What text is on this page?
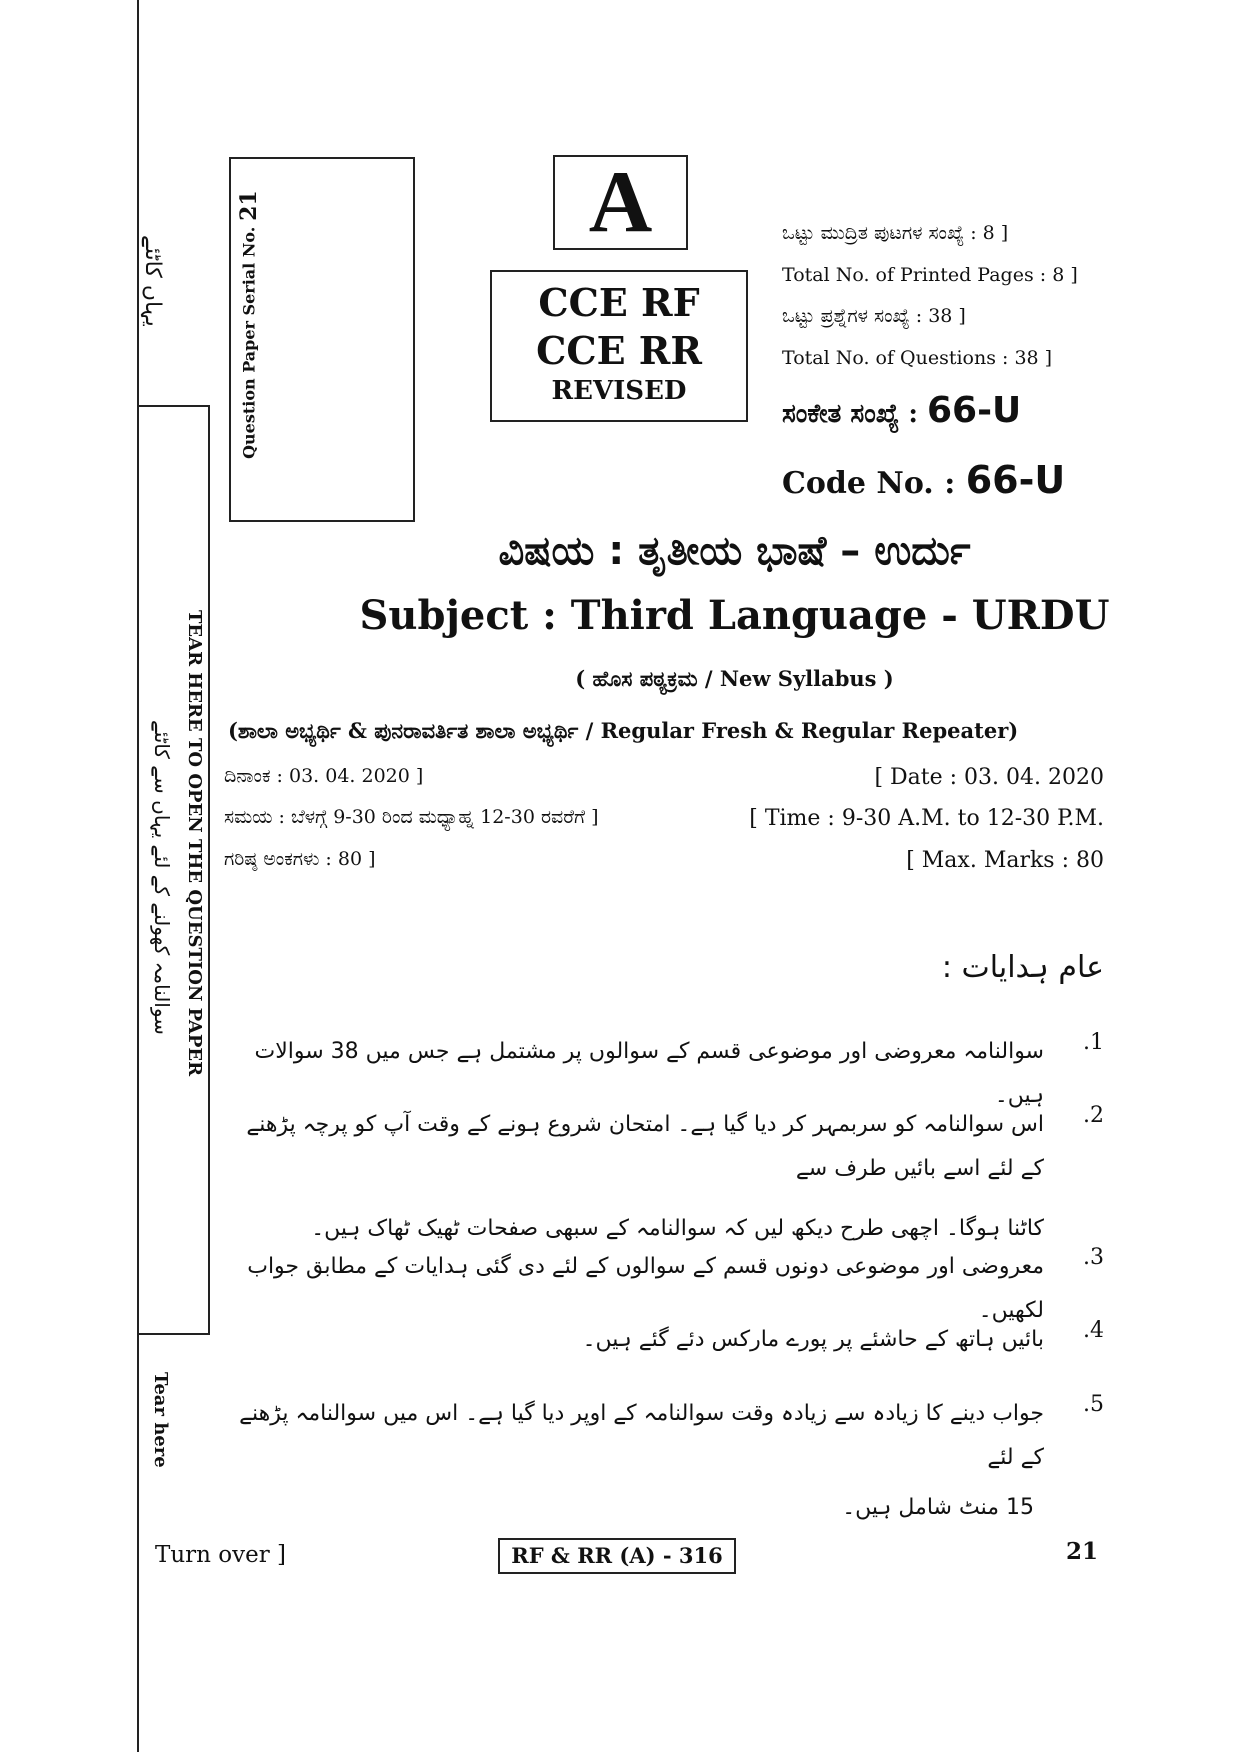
یہاں کاٹئے
TEAR HERE TO OPEN THE QUESTION PAPER
سوالنامہ کھولنے کے لئے یہاں سے کاٹئے
Tear here
Question Paper Serial No.
21	A
CCE RF
CCE RR
REVISED
ಒಟ್ಟು ಮುದ್ರಿತ ಪುಟಗಳ ಸಂಖ್ಯೆ : 8 ]
Total No. of Printed Pages : 8 ]
ಒಟ್ಟು ಪ್ರಶ್ನೆಗಳ ಸಂಖ್ಯೆ : 38 ]
Total No. of Questions : 38 ]
ಸಂಕೇತ ಸಂಖ್ಯೆ : 66-U
Code No. : 66-U
ವಿಷಯ : ತೃತೀಯ ಭಾಷೆ – ಉರ್ದು
Subject : Third Language - URDU
( ಹೊಸ ಪಠ್ಯಕ್ರಮ / New Syllabus )
(ಶಾಲಾ ಅಭ್ಯರ್ಥಿ & ಪುನರಾವರ್ತಿತ ಶಾಲಾ ಅಭ್ಯರ್ಥಿ / Regular Fresh & Regular Repeater)
ದಿನಾಂಕ : 03. 04. 2020 ]	[ Date : 03. 04. 2020
ಸಮಯ : ಬೆಳಗ್ಗೆ 9-30 ರಿಂದ ಮಧ್ಯಾಹ್ನ 12-30 ರವರೆಗೆ ]	[ Time : 9-30 A.M. to 12-30 P.M.
ಗರಿಷ್ಠ ಅಂಕಗಳು : 80 ]	[ Max. Marks : 80
عام ہدایات :
1.
سوالنامہ معروضی اور موضوعی قسم کے سوالوں پر مشتمل ہے جس میں 38 سوالات ہیں۔
2.
اس سوالنامہ کو سربمہر کر دیا گیا ہے۔ امتحان شروع ہونے کے وقت آپ کو پرچہ پڑھنے کے لئے اسے بائیں طرف سے
کاٹنا ہوگا۔ اچھی طرح دیکھ لیں کہ سوالنامہ کے سبھی صفحات ٹھیک ٹھاک ہیں۔
3.
معروضی اور موضوعی دونوں قسم کے سوالوں کے لئے دی گئی ہدایات کے مطابق جواب لکھیں۔
4.
بائیں ہاتھ کے حاشئے پر پورے مارکس دئے گئے ہیں۔
5.
جواب دینے کا زیادہ سے زیادہ وقت سوالنامہ کے اوپر دیا گیا ہے۔ اس میں سوالنامہ پڑھنے کے لئے
15 منٹ شامل ہیں۔
Turn over ]	RF & RR (A) - 316	21
